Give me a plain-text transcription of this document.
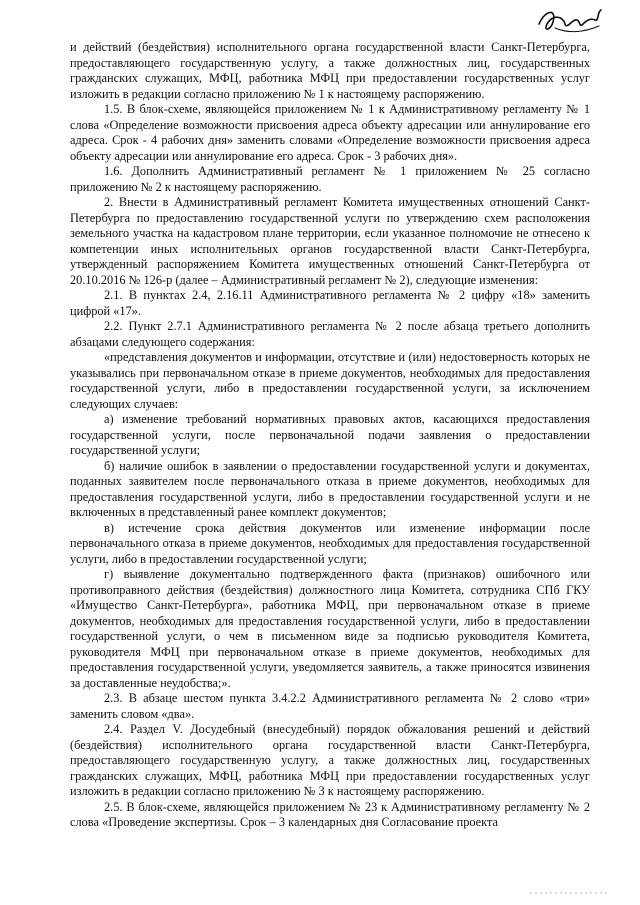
и действий (бездействия) исполнительного органа государственной власти Санкт-Петербурга, предоставляющего государственную услугу, а также должностных лиц, государственных гражданских служащих, МФЦ, работника МФЦ при предоставлении государственных услуг изложить в редакции согласно приложению № 1 к настоящему распоряжению.

1.5. В блок-схеме, являющейся приложением № 1 к Административному регламенту № 1 слова «Определение возможности присвоения адреса объекту адресации или аннулирование его адреса. Срок - 4 рабочих дня» заменить словами «Определение возможности присвоения адреса объекту адресации или аннулирование его адреса. Срок - 3 рабочих дня».

1.6. Дополнить Административный регламент № 1 приложением № 25 согласно приложению № 2 к настоящему распоряжению.

2. Внести в Административный регламент Комитета имущественных отношений Санкт-Петербурга по предоставлению государственной услуги по утверждению схем расположения земельного участка на кадастровом плане территории, если указанное полномочие не отнесено к компетенции иных исполнительных органов государственной власти Санкт-Петербурга, утвержденный распоряжением Комитета имущественных отношений Санкт-Петербурга от 20.10.2016 № 126-р (далее – Административный регламент № 2), следующие изменения:

2.1. В пунктах 2.4, 2.16.11 Административного регламента № 2 цифру «18» заменить цифрой «17».

2.2. Пункт 2.7.1 Административного регламента № 2 после абзаца третьего дополнить абзацами следующего содержания:

«представления документов и информации, отсутствие и (или) недостоверность которых не указывались при первоначальном отказе в приеме документов, необходимых для предоставления государственной услуги, либо в предоставлении государственной услуги, за исключением следующих случаев:

а) изменение требований нормативных правовых актов, касающихся предоставления государственной услуги, после первоначальной подачи заявления о предоставлении государственной услуги;

б) наличие ошибок в заявлении о предоставлении государственной услуги и документах, поданных заявителем после первоначального отказа в приеме документов, необходимых для предоставления государственной услуги, либо в предоставлении государственной услуги и не включенных в представленный ранее комплект документов;

в) истечение срока действия документов или изменение информации после первоначального отказа в приеме документов, необходимых для предоставления государственной услуги, либо в предоставлении государственной услуги;

г) выявление документально подтвержденного факта (признаков) ошибочного или противоправного действия (бездействия) должностного лица Комитета, сотрудника СПб ГКУ «Имущество Санкт-Петербурга», работника МФЦ, при первоначальном отказе в приеме документов, необходимых для предоставления государственной услуги, либо в предоставлении государственной услуги, о чем в письменном виде за подписью руководителя Комитета, руководителя МФЦ при первоначальном отказе в приеме документов, необходимых для предоставления государственной услуги, уведомляется заявитель, а также приносятся извинения за доставленные неудобства;».

2.3. В абзаце шестом пункта 3.4.2.2 Административного регламента № 2 слово «три» заменить словом «два».

2.4. Раздел V. Досудебный (внесудебный) порядок обжалования решений и действий (бездействия) исполнительного органа государственной власти Санкт-Петербурга, предоставляющего государственную услугу, а также должностных лиц, государственных гражданских служащих, МФЦ, работника МФЦ при предоставлении государственных услуг изложить в редакции согласно приложению № 3 к настоящему распоряжению.

2.5. В блок-схеме, являющейся приложением № 23 к Административному регламенту № 2 слова «Проведение экспертизы. Срок – 3 календарных дня Согласование проекта
